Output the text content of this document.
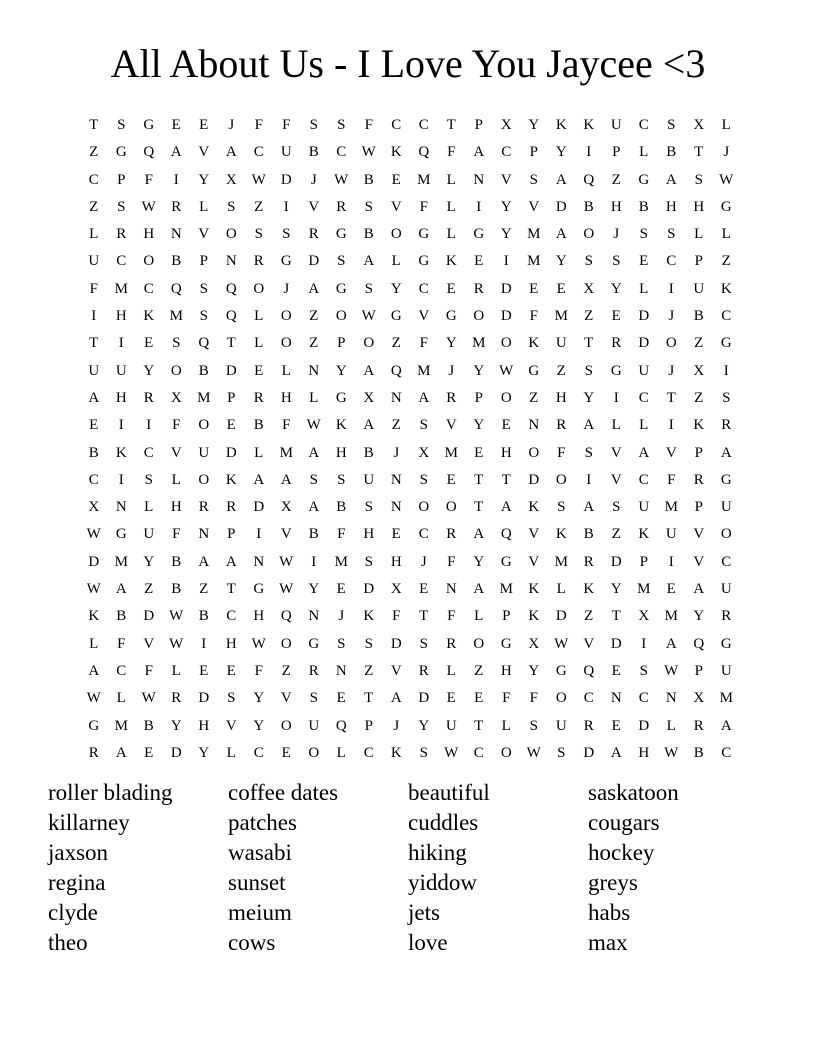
All About Us - I Love You Jaycee <3
T	S	G	E	E	J	F	F	S	S	F	C	C	T	P	X	Y	K	K	U	C	S	X	L
Z	G	Q	A	V	A	C	U	B	C	W	K	Q	F	A	C	P	Y	I	P	L	B	T	J
C	P	F	I	Y	X W	D	J	W	B	E	M	L	N	V	S	A	Q	Z	G	A	S	W
Z	S	W	R	L	S	Z	I	V	R	S	V	F	L	I	Y	V	D	B	H	B	H	H	G
L	R	H	N	V	O	S	S	R	G	B	O	G	L	G	Y	M	A	O	J	S	S	L	L
U	C	O	B	P	N	R	G	D	S	A	L	G	K	E	I	M	Y	S	S	E	C	P	Z
F	M	C	Q	S	Q	O	J	A	G	S	Y	C	E	R	D	E	E	X	Y	L	I	U	K
I	H	K	M	S	Q	L	O	Z	O W	G	V	G	O	D	F	M	Z	E	D	J	B	C
T	I	E	S	Q	T	L	O	Z	P	O	Z	F	Y	M	O	K	U	T	R	D	O	Z	G
U	U	Y	O	B	D	E	L	N	Y	A	Q	M	J	Y W	G	Z	S	G	U	J	X	I
A	H	R	X	M	P	R	H	L	G	X	N	A	R	P	O	Z	H	Y	I	C	T	Z	S
E	I	I	F	O	E	B	F	W	K	A	Z	S	V	Y	E	N	R	A	L	L	I	K	R
B	K	C	V	U	D	L	M	A	H	B	J	X	M	E	H	O	F	S	V	A	V	P	A
C	I	S	L	O	K	A	A	S	S	U	N	S	E	T	T	D	O	I	V	C	F	R	G
X	N	L	H	R	R	D	X	A	B	S	N	O	O	T	A	K	S	A	S	U	M	P	U
W	G	U	F	N	P	I	V	B	F	H	E	C	R	A	Q	V	K	B	Z	K	U	V	O
D	M	Y	B	A	A	N W	I	M	S	H	J	F	Y	G	V	M	R	D	P	I	V	C
W	A	Z	B	Z	T	G W	Y	E	D	X	E	N	A	M	K	L	K	Y	M	E	A	U
K	B	D W	B	C	H	Q	N	J	K	F	T	F	L	P	K	D	Z	T	X	M	Y	R
L	F	V W	I	H W	O	G	S	S	D	S	R	O	G	X W	V	D	I	A	Q	G
A	C	F	L	E	E	F	Z	R	N	Z	V	R	L	Z	H	Y	G	Q	E	S	W	P	U
W	L	W	R	D	S	Y	V	S	E	T	A	D	E	E	F	F	O	C	N	C	N	X	M
G	M	B	Y	H	V	Y	O	U	Q	P	J	Y	U	T	L	S	U	R	E	D	L	R	A
R	A	E	D	Y	L	C	E	O	L	C	K	S	W	C	O W	S	D	A	H W	B	C
roller blading	coffee dates	beautiful	saskatoon
killarney	patches	cuddles	cougars
jaxson	wasabi	hiking	hockey
regina	sunset	yiddow	greys
clyde	meium	jets	habs
theo	cows	love	max
